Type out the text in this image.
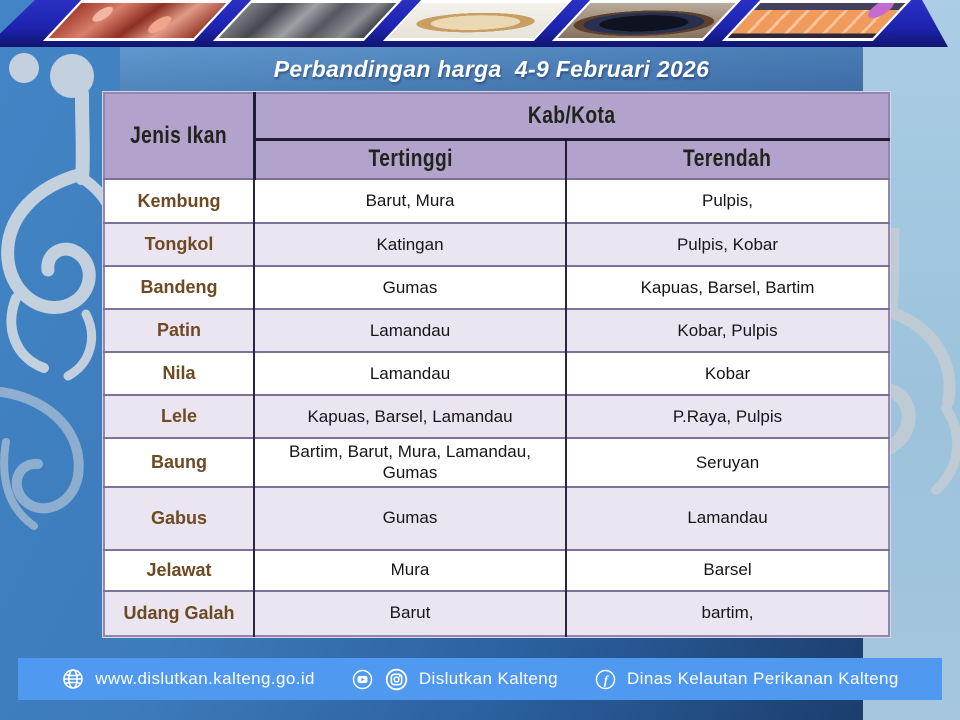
Perbandingan harga  4-9 Februari 2026
Jenis Ikan	Kab/Kota	
	Tertinggi	Terendah
Kembung	Barut, Mura	Pulpis,
Tongkol	Katingan	Pulpis, Kobar
Bandeng	Gumas	Kapuas, Barsel, Bartim
Patin	Lamandau	Kobar, Pulpis
Nila	Lamandau	Kobar
Lele	Kapuas, Barsel, Lamandau	P.Raya, Pulpis
Baung	Bartim, Barut, Mura, Lamandau, Gumas	Seruyan
Gabus	Gumas	Lamandau
Jelawat	Mura	Barsel
Udang Galah	Barut	bartim,
www.dislutkan.kalteng.go.id	Dislutkan Kalteng	f Dinas Kelautan Perikanan Kalteng
